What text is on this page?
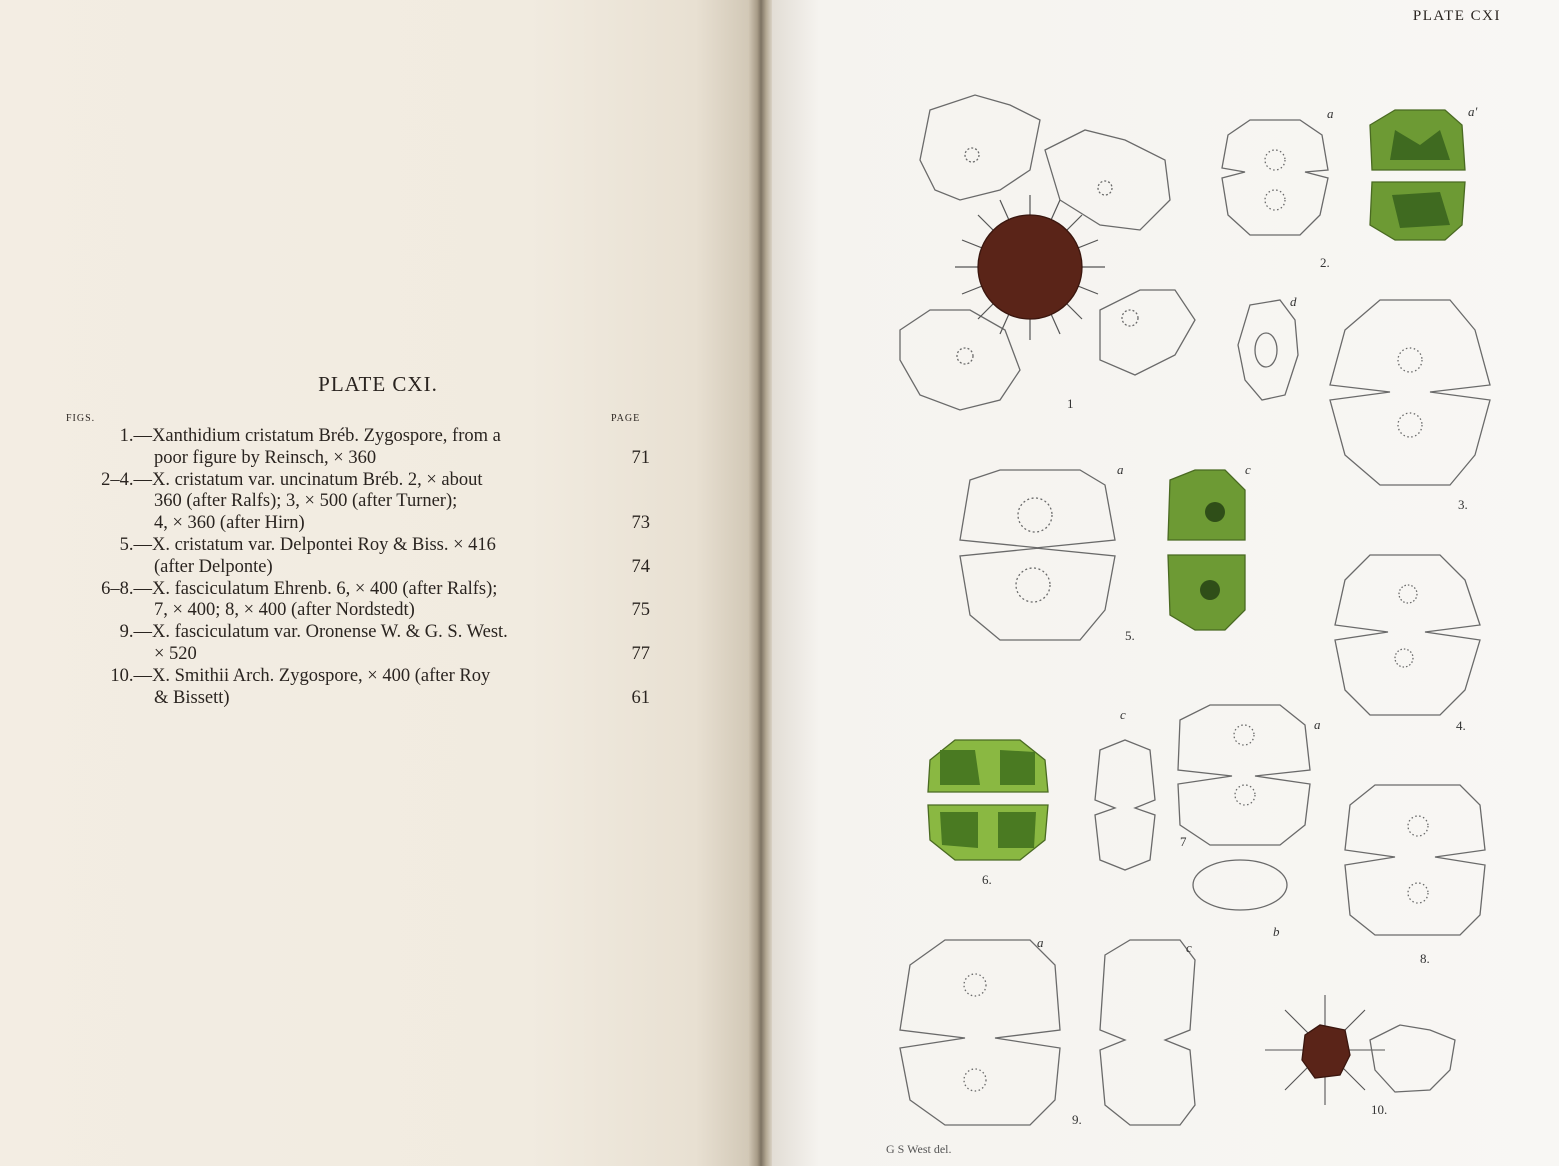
PLATE CXI.
FIGS.	PAGE
1.—Xanthidium cristatum Bréb. Zygospore, from a
poor figure by Reinsch, × 360	71
2–4.—X. cristatum var. uncinatum Bréb. 2, × about
360 (after Ralfs); 3, × 500 (after Turner);
4, × 360 (after Hirn)	73
5.—X. cristatum var. Delpontei Roy & Biss. × 416
(after Delponte)	74
6–8.—X. fasciculatum Ehrenb. 6, × 400 (after Ralfs);
7, × 400; 8, × 400 (after Nordstedt)	75
9.—X. fasciculatum var. Oronense W. & G. S. West.
× 520	77
10.—X. Smithii Arch. Zygospore, × 400 (after Roy
& Bissett)	61
PLATE CXI
1
2.
3.
4.
5.
6.
7
8.
9.
10.
a	a'
d
a	c
c
a
b
a	c
G S West del.
